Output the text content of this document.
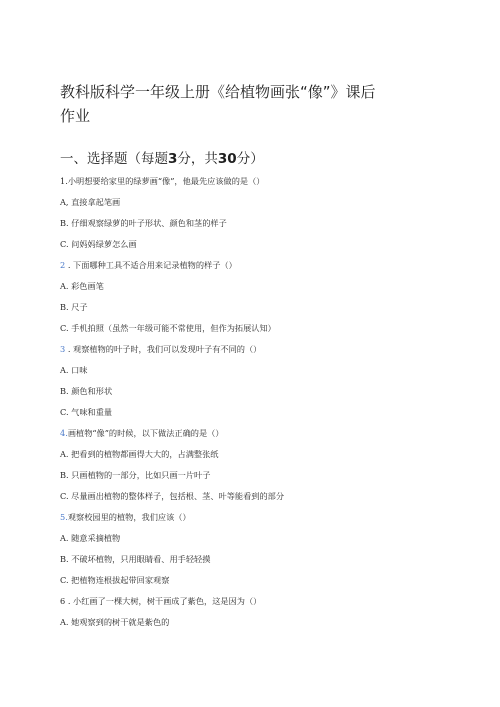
教科版科学一年级上册《给植物画张“像”》课后
作业
一、选择题（每题3分，共30分）
1.小明想要给家里的绿萝画“像”，他最先应该做的是（）
A, 直接拿起笔画
B. 仔细观察绿萝的叶子形状、颜色和茎的样子
C. 问妈妈绿萝怎么画
2 . 下面哪种工具不适合用来记录植物的样子（）
A. 彩色画笔
B. 尺子
C. 手机拍照（虽然一年级可能不常使用，但作为拓展认知）
3 . 观察植物的叶子时，我们可以发现叶子有不同的（）
A. 口味
B. 颜色和形状
C. 气味和重量
4.画植物“像”的时候，以下做法正确的是（）
A. 把看到的植物都画得大大的，占满整张纸
B. 只画植物的一部分，比如只画一片叶子
C. 尽量画出植物的整体样子，包括根、茎、叶等能看到的部分
5.观察校园里的植物，我们应该（）
A. 随意采摘植物
B. 不破坏植物，只用眼睛看、用手轻轻摸
C. 把植物连根拔起带回家观察
6 . 小红画了一棵大树，树干画成了紫色，这是因为（）
A. 她观察到的树干就是紫色的
